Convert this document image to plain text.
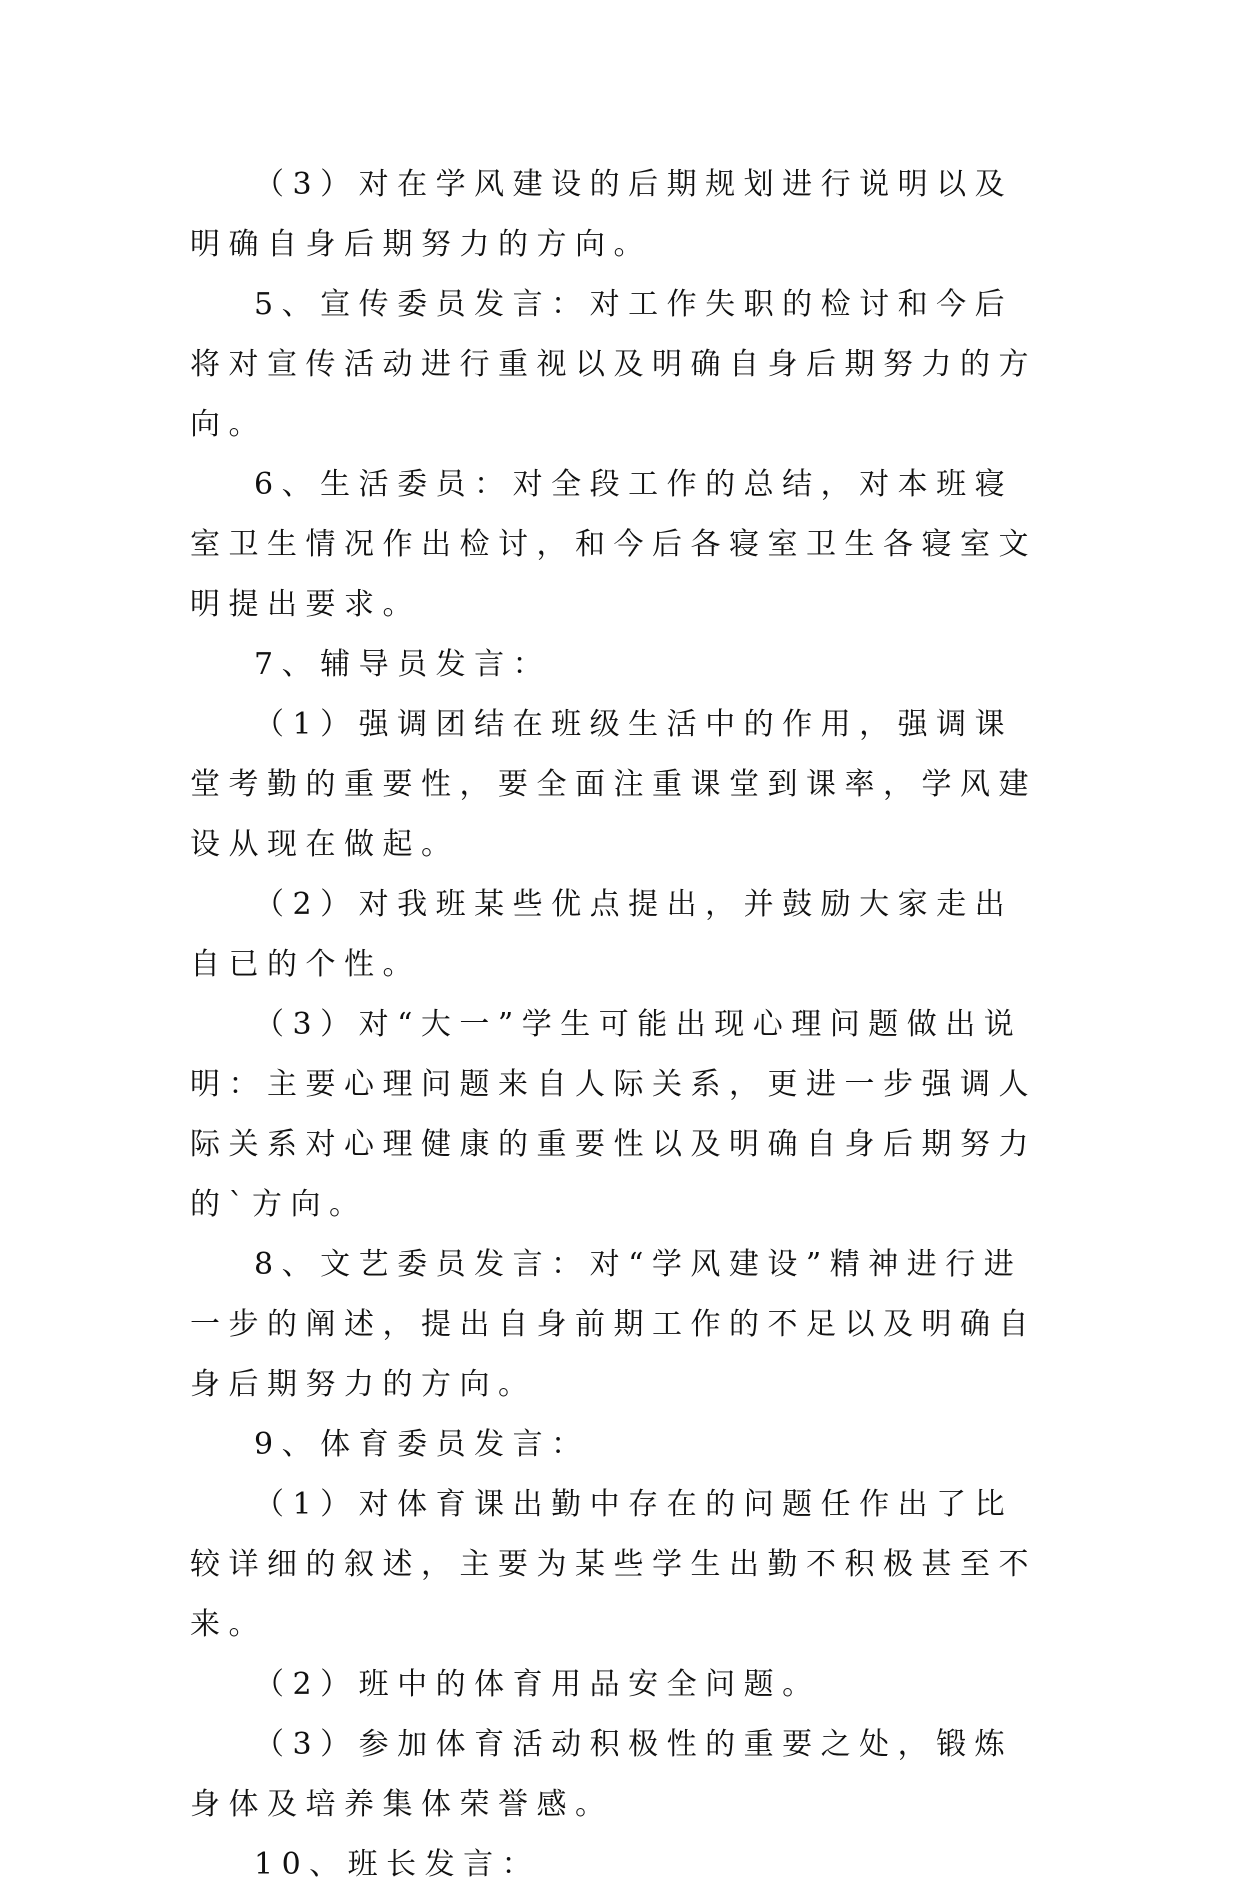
（3）对在学风建设的后期规划进行说明以及明确自身后期努力的方向。

5、宣传委员发言：对工作失职的检讨和今后将对宣传活动进行重视以及明确自身后期努力的方向。

6、生活委员：对全段工作的总结，对本班寝室卫生情况作出检讨，和今后各寝室卫生各寝室文明提出要求。

7、辅导员发言：

（1）强调团结在班级生活中的作用，强调课堂考勤的重要性，要全面注重课堂到课率，学风建设从现在做起。

（2）对我班某些优点提出，并鼓励大家走出自已的个性。

（3）对“大一”学生可能出现心理问题做出说明：主要心理问题来自人际关系，更进一步强调人际关系对心理健康的重要性以及明确自身后期努力的`方向。

8、文艺委员发言：对“学风建设”精神进行进一步的阐述，提出自身前期工作的不足以及明确自身后期努力的方向。

9、体育委员发言：

（1）对体育课出勤中存在的问题任作出了比较详细的叙述，主要为某些学生出勤不积极甚至不来。

（2）班中的体育用品安全问题。

（3）参加体育活动积极性的重要之处，锻炼身体及培养集体荣誉感。

10、班长发言：
